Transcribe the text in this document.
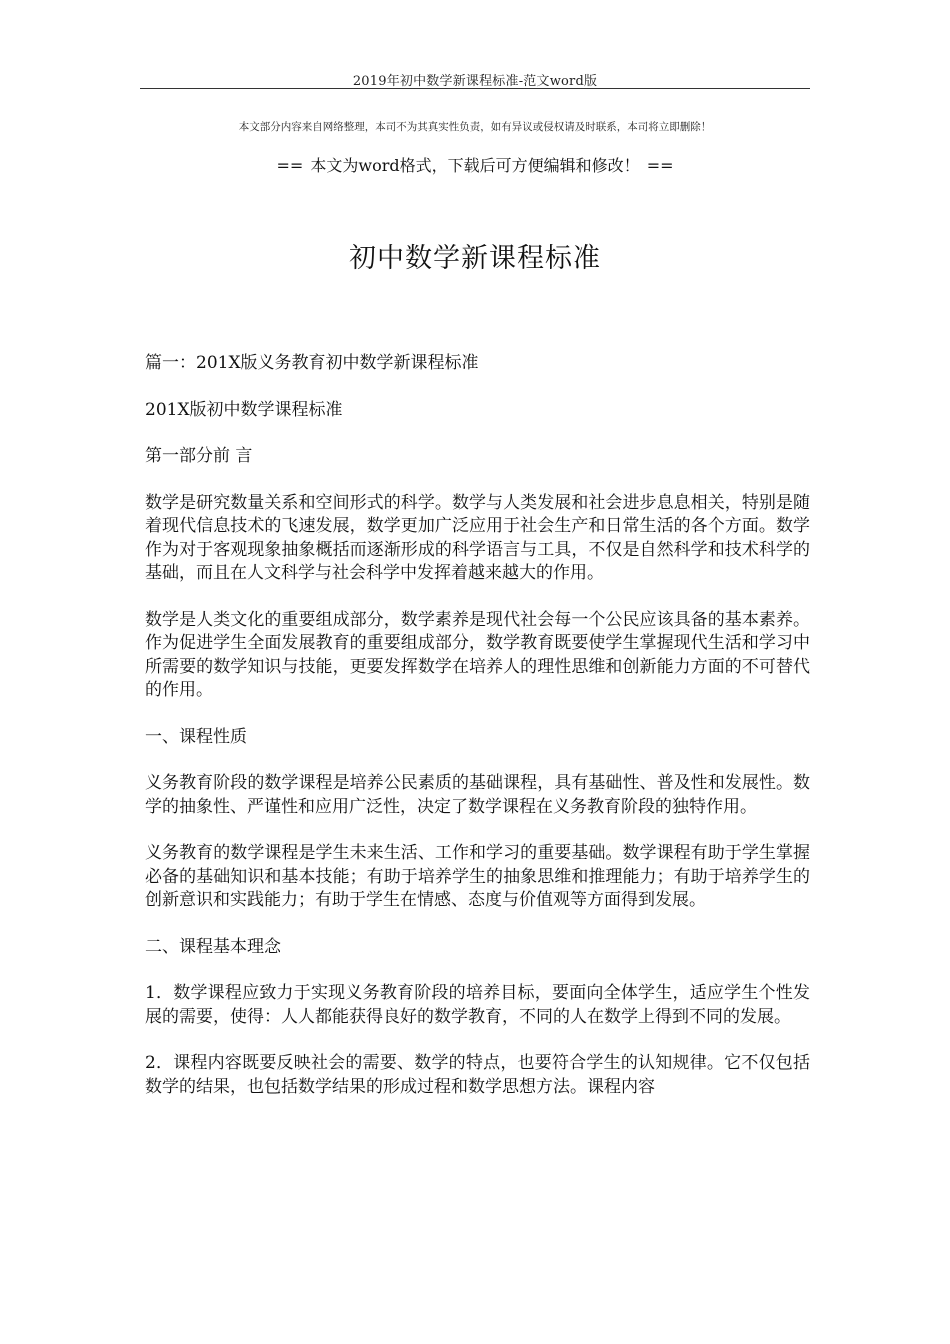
2019年初中数学新课程标准-范文word版
本文部分内容来自网络整理，本司不为其真实性负责，如有异议或侵权请及时联系，本司将立即删除！
== 本文为word格式，下载后可方便编辑和修改！ ==
初中数学新课程标准

篇一：201X版义务教育初中数学新课程标准

201X版初中数学课程标准

第一部分前 言

数学是研究数量关系和空间形式的科学。数学与人类发展和社会进步息息相关，特别是随着现代信息技术的飞速发展，数学更加广泛应用于社会生产和日常生活的各个方面。数学作为对于客观现象抽象概括而逐渐形成的科学语言与工具，不仅是自然科学和技术科学的基础，而且在人文科学与社会科学中发挥着越来越大的作用。

数学是人类文化的重要组成部分，数学素养是现代社会每一个公民应该具备的基本素养。作为促进学生全面发展教育的重要组成部分，数学教育既要使学生掌握现代生活和学习中所需要的数学知识与技能，更要发挥数学在培养人的理性思维和创新能力方面的不可替代的作用。

一、课程性质

义务教育阶段的数学课程是培养公民素质的基础课程，具有基础性、普及性和发展性。数学的抽象性、严谨性和应用广泛性，决定了数学课程在义务教育阶段的独特作用。

义务教育的数学课程是学生未来生活、工作和学习的重要基础。数学课程有助于学生掌握必备的基础知识和基本技能；有助于培养学生的抽象思维和推理能力；有助于培养学生的创新意识和实践能力；有助于学生在情感、态度与价值观等方面得到发展。

二、课程基本理念

1．数学课程应致力于实现义务教育阶段的培养目标，要面向全体学生，适应学生个性发展的需要，使得：人人都能获得良好的数学教育，不同的人在数学上得到不同的发展。

2．课程内容既要反映社会的需要、数学的特点，也要符合学生的认知规律。它不仅包括数学的结果，也包括数学结果的形成过程和数学思想方法。课程内容
